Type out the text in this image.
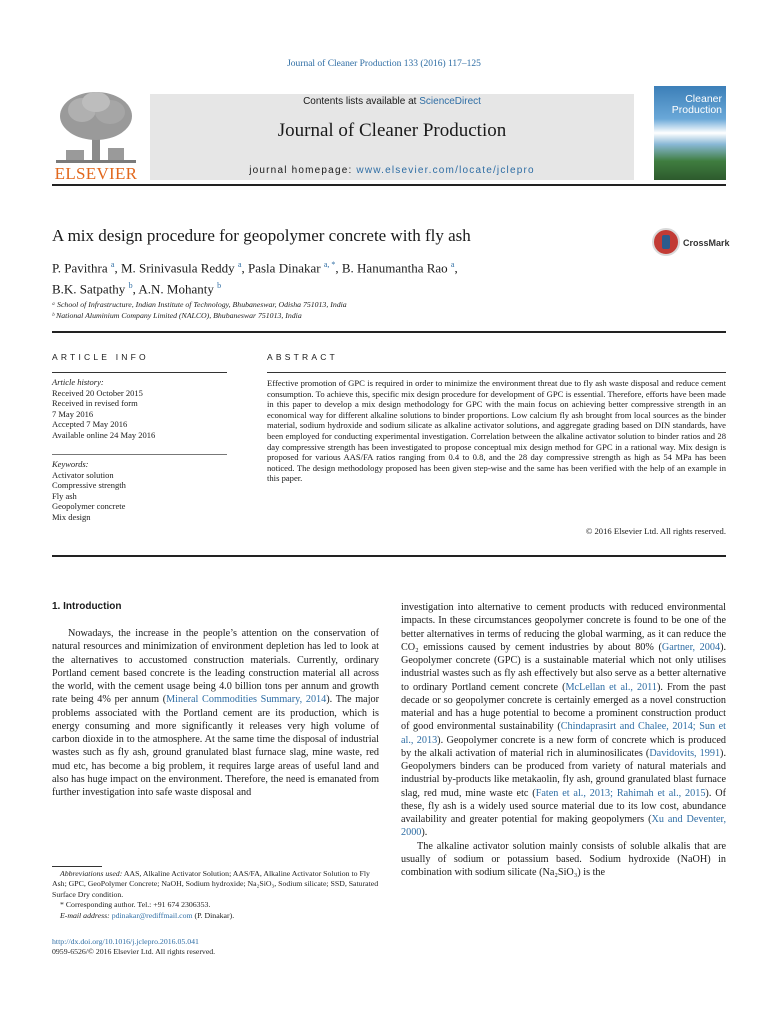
Journal of Cleaner Production 133 (2016) 117–125
ELSEVIER
Contents lists available at ScienceDirect
Journal of Cleaner Production
journal homepage: www.elsevier.com/locate/jclepro
Cleaner
Production
A mix design procedure for geopolymer concrete with fly ash	CrossMark
P. Pavithra $^a$, M. Srinivasula Reddy $^a$, Pasla Dinakar $^{a, *}$, B. Hanumantha Rao $^a$,
B.K. Satpathy $^b$, A.N. Mohanty $^b$
ᵃ School of Infrastructure, Indian Institute of Technology, Bhubaneswar, Odisha 751013, India
ᵇ National Aluminium Company Limited (NALCO), Bhubaneswar 751013, India
ARTICLE INFO
Article history:
Received 20 October 2015
Received in revised form
7 May 2016
Accepted 7 May 2016
Available online 24 May 2016
Keywords:
Activator solution
Compressive strength
Fly ash
Geopolymer concrete
Mix design
ABSTRACT
Effective promotion of GPC is required in order to minimize the environment threat due to fly ash waste disposal and reduce cement consumption. To achieve this, specific mix design procedure for development of GPC is essential. Therefore, efforts have been made in this paper to develop a mix design methodology for GPC with the main focus on achieving better compressive strength in an economical way for different alkaline solutions to binder proportions. Low calcium fly ash brought from local sources as the binder material, sodium hydroxide and sodium silicate as alkaline activator solutions, and aggregate grading based on DIN standards, have been employed for conducting experimental investigation. Correlation between the alkaline activator solution to binder ratios and 28 day compressive strength has been investigated to propose conceptual mix design method for GPC in a rational way. Mix design is proposed for various AAS/FA ratios ranging from 0.4 to 0.8, and the 28 day compressive strength as high as 54 MPa has been noticed. The design methodology proposed has been given step-wise and the same has been verified with the help of an example in this paper.
© 2016 Elsevier Ltd. All rights reserved.
1. Introduction
Nowadays, the increase in the people’s attention on the conservation of natural resources and minimization of environment depletion has led to look at the alternatives to accustomed construction materials. Currently, ordinary Portland cement based concrete is the leading construction material all across the world, with the cement usage being 4.0 billion tons per annum and growth rate being 4% per annum (Mineral Commodities Summary, 2014). The major problems associated with the Portland cement are its production, which is energy consuming and more significantly it releases very high volume of carbon dioxide in to the atmosphere. At the same time the disposal of industrial wastes such as fly ash, ground granulated blast furnace slag, mine waste, red mud etc, has become a big problem, it requires large areas of useful land and also has huge impact on the environment. Therefore, the need is emanated from further investigation into safe waste disposal and
investigation into alternative to cement products with reduced environmental impacts. In these circumstances geopolymer concrete is found to be one of the better alternatives in terms of reducing the global warming, as it can reduce the CO₂ emissions caused by cement industries by about 80% (Gartner, 2004). Geopolymer concrete (GPC) is a sustainable material which not only utilises industrial wastes such as fly ash effectively but also serve as a better alternative to ordinary Portland cement concrete (McLellan et al., 2011). From the past decade or so geopolymer concrete is certainly emerged as a novel construction material and has a huge potential to become a prominent construction product of good environmental sustainability (Chindaprasirt and Chalee, 2014; Sun et al., 2013). Geopolymer concrete is a new form of concrete which is produced by the alkali activation of material rich in aluminosilicates (Davidovits, 1991). Geopolymers binders can be produced from variety of natural materials and industrial by-products like metakaolin, fly ash, ground granulated blast furnace slag, red mud, mine waste etc (Faten et al., 2013; Rahimah et al., 2015). Of these, fly ash is a widely used source material due to its low cost, abundance availability and greater potential for making geopolymers (Xu and Deventer, 2000).
The alkaline activator solution mainly consists of soluble alkalis that are usually of sodium or potassium based. Sodium hydroxide (NaOH) in combination with sodium silicate (Na₂SiO₃) is the
Abbreviations used: AAS, Alkaline Activator Solution; AAS/FA, Alkaline Activator Solution to Fly Ash; GPC, GeoPolymer Concrete; NaOH, Sodium hydroxide; Na₂SiO₃, Sodium silicate; SSD, Saturated Surface Dry condition.
* Corresponding author. Tel.: +91 674 2306353.
E-mail address: pdinakar@rediffmail.com (P. Dinakar).
http://dx.doi.org/10.1016/j.jclepro.2016.05.041
0959-6526/© 2016 Elsevier Ltd. All rights reserved.
